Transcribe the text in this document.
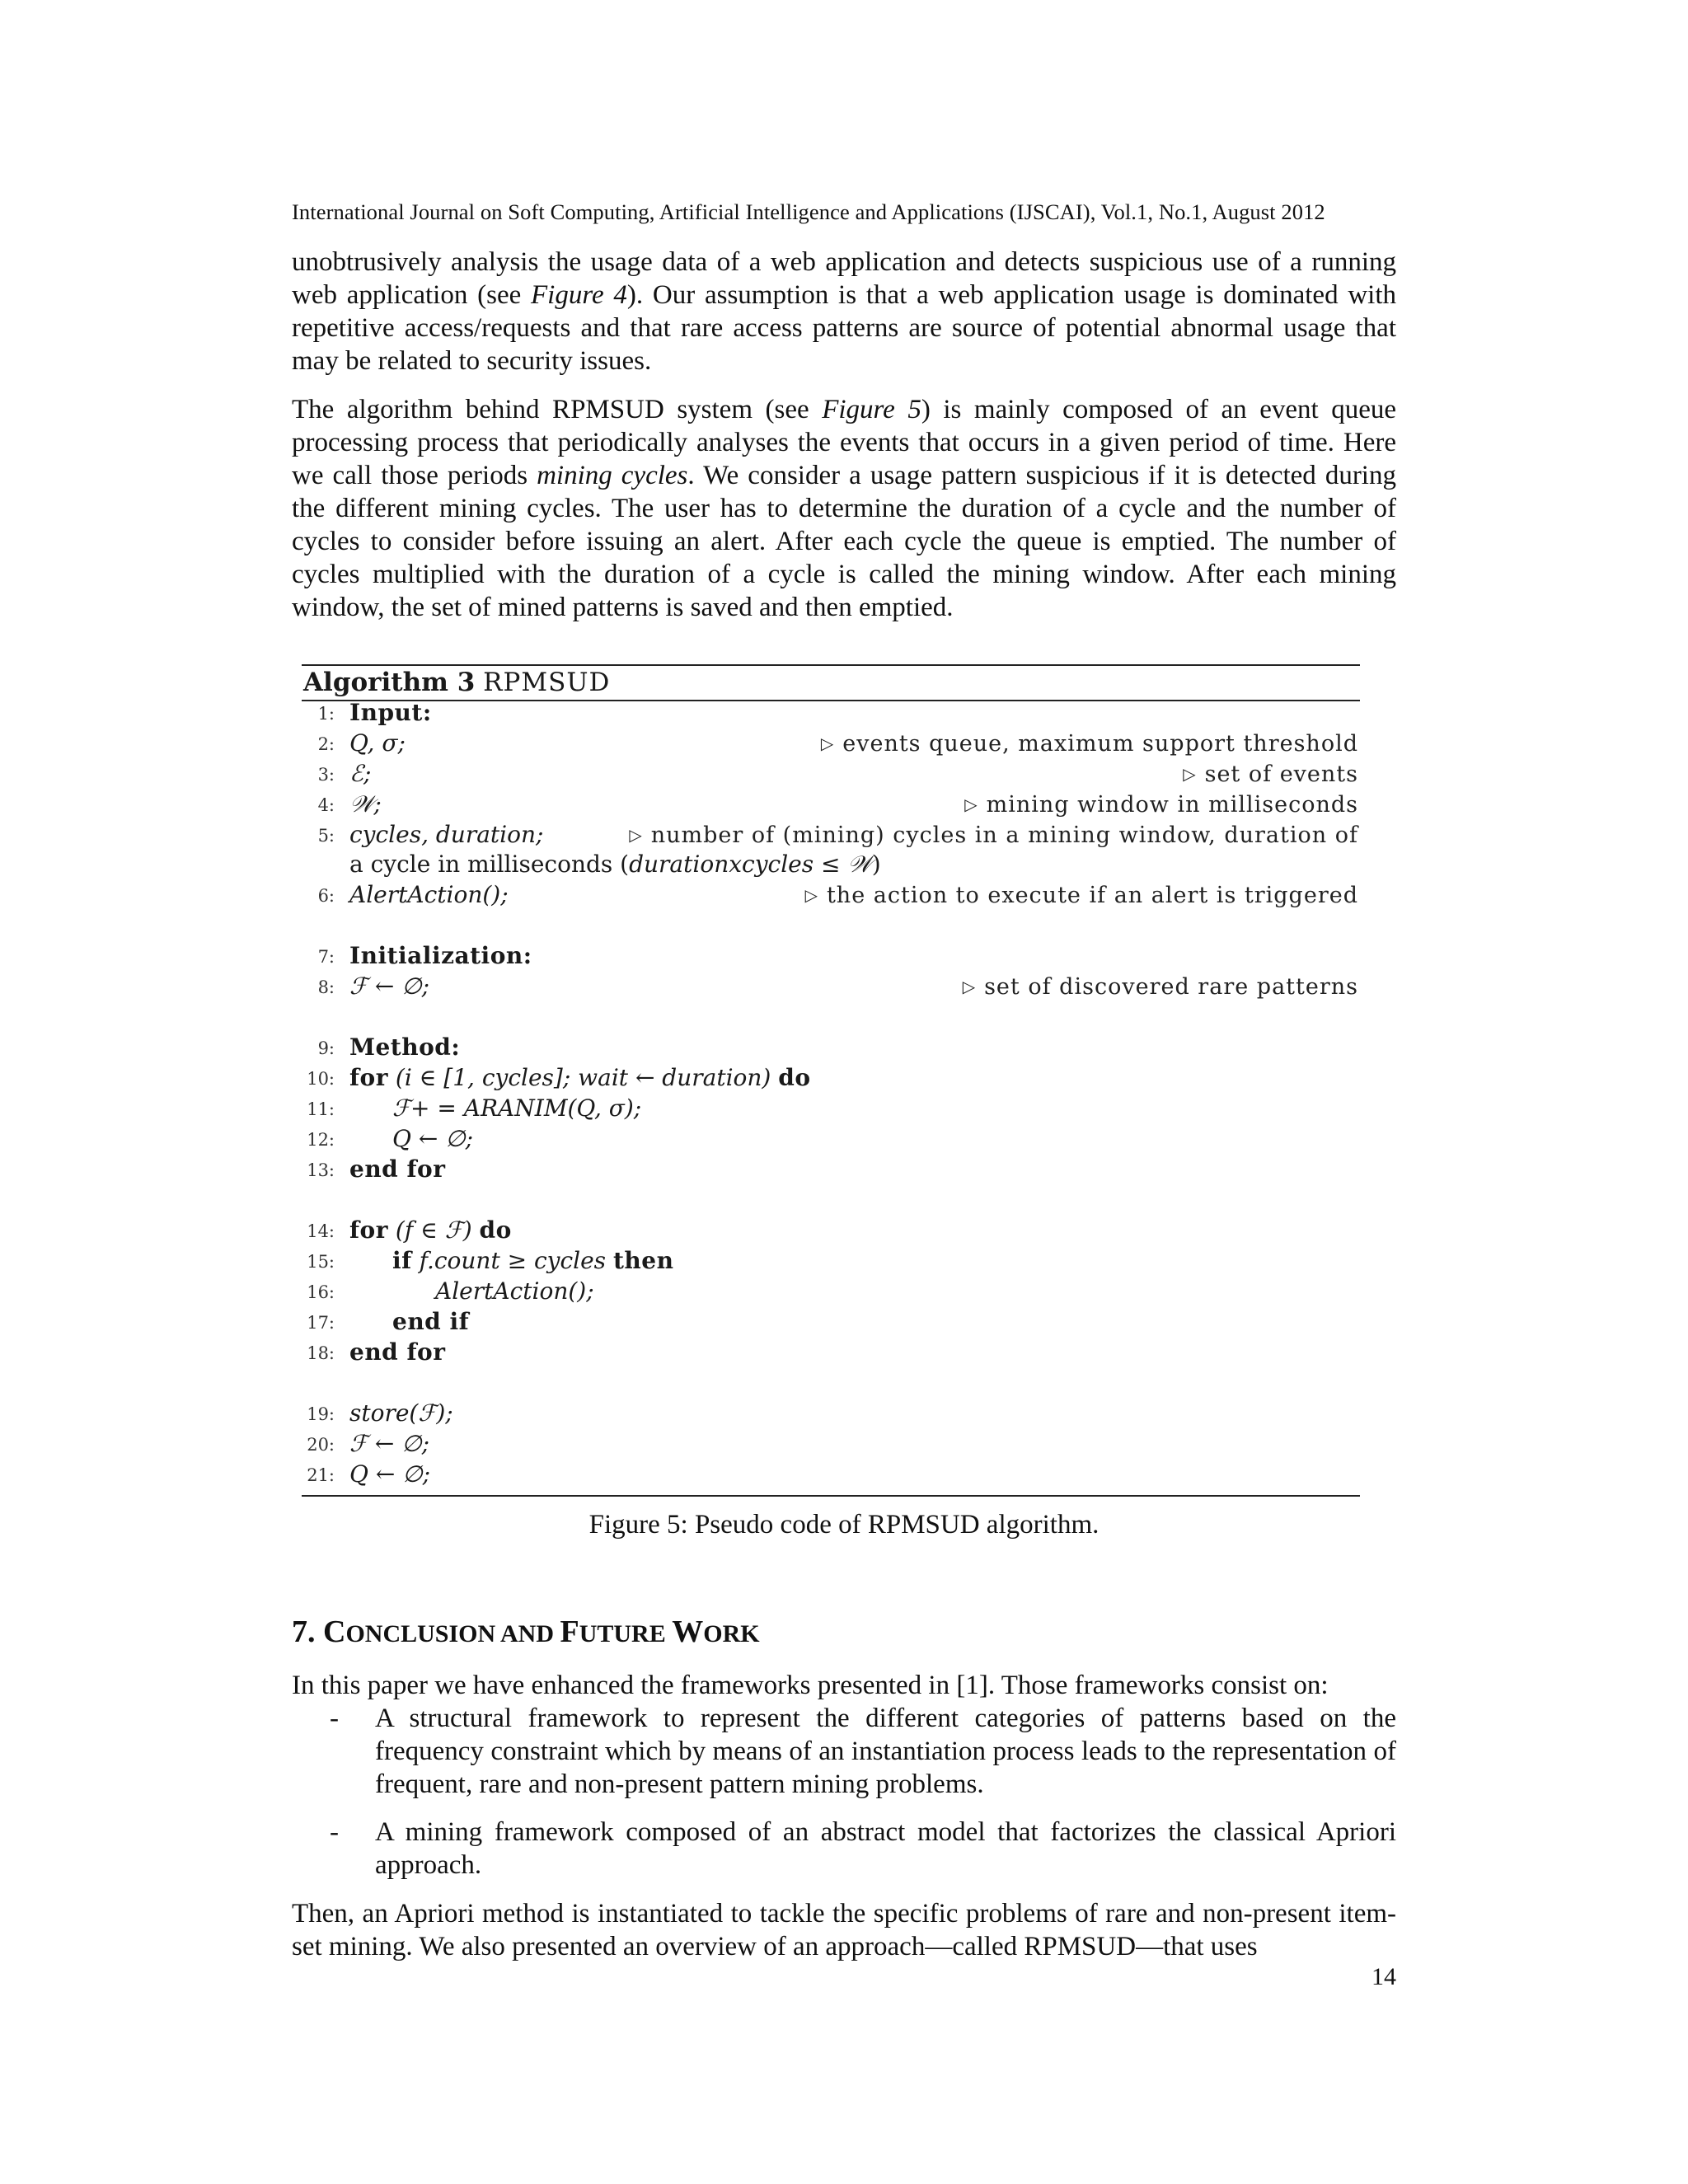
International Journal on Soft Computing, Artificial Intelligence and Applications (IJSCAI), Vol.1, No.1, August 2012

unobtrusively analysis the usage data of a web application and detects suspicious use of a running web application (see Figure 4). Our assumption is that a web application usage is dominated with repetitive access/requests and that rare access patterns are source of potential abnormal usage that may be related to security issues.

The algorithm behind RPMSUD system (see Figure 5) is mainly composed of an event queue processing process that periodically analyses the events that occurs in a given period of time. Here we call those periods mining cycles. We consider a usage pattern suspicious if it is detected during the different mining cycles. The user has to determine the duration of a cycle and the number of cycles to consider before issuing an alert. After each cycle the queue is emptied. The number of cycles multiplied with the duration of a cycle is called the mining window. After each mining window, the set of mined patterns is saved and then emptied.

Algorithm 3 RPMSUD
1: Input:
2: Q, σ;	▷ events queue, maximum support threshold
3: ℰ;	▷ set of events
4: 𝒲;	▷ mining window in milliseconds
5: cycles, duration;	▷ number of (mining) cycles in a mining window, duration of
a cycle in milliseconds (durationxcycles ≤ 𝒲)
6: AlertAction();	▷ the action to execute if an alert is triggered
7: Initialization:
8: ℱ ← ∅;	▷ set of discovered rare patterns
9: Method:
10: for (i ∈ [1, cycles]; wait ← duration) do
11:	ℱ+ = ARANIM(Q, σ);
12:	Q ← ∅;
13: end for
14: for (f ∈ ℱ) do
15:	if f.count ≥ cycles then
16:	AlertAction();
17:	end if
18: end for
19: store(ℱ);
20: ℱ ← ∅;
21: Q ← ∅;
Figure 5: Pseudo code of RPMSUD algorithm.
7. CONCLUSION AND FUTURE WORK

In this paper we have enhanced the frameworks presented in [1]. Those frameworks consist on:

- A structural framework to represent the different categories of patterns based on the frequency constraint which by means of an instantiation process leads to the representation of frequent, rare and non-present pattern mining problems.
- A mining framework composed of an abstract model that factorizes the classical Apriori approach.

Then, an Apriori method is instantiated to tackle the specific problems of rare and non-present item-set mining. We also presented an overview of an approach—called RPMSUD—that uses

14
